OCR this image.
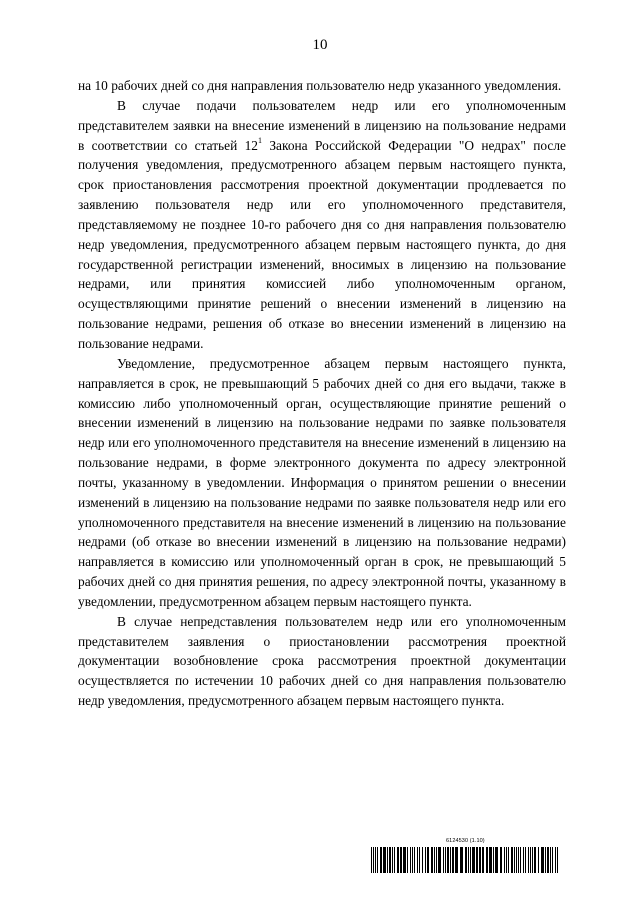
10

на 10 рабочих дней со дня направления пользователю недр указанного уведомления.

В случае подачи пользователем недр или его уполномоченным представителем заявки на внесение изменений в лицензию на пользование недрами в соответствии со статьей $12^1$ Закона Российской Федерации "О недрах" после получения уведомления, предусмотренного абзацем первым настоящего пункта, срок приостановления рассмотрения проектной документации продлевается по заявлению пользователя недр или его уполномоченного представителя, представляемому не позднее 10-го рабочего дня со дня направления пользователю недр уведомления, предусмотренного абзацем первым настоящего пункта, до дня государственной регистрации изменений, вносимых в лицензию на пользование недрами, или принятия комиссией либо уполномоченным органом, осуществляющими принятие решений о внесении изменений в лицензию на пользование недрами, решения об отказе во внесении изменений в лицензию на пользование недрами.

Уведомление, предусмотренное абзацем первым настоящего пункта, направляется в срок, не превышающий 5 рабочих дней со дня его выдачи, также в комиссию либо уполномоченный орган, осуществляющие принятие решений о внесении изменений в лицензию на пользование недрами по заявке пользователя недр или его уполномоченного представителя на внесение изменений в лицензию на пользование недрами, в форме электронного документа по адресу электронной почты, указанному в уведомлении. Информация о принятом решении о внесении изменений в лицензию на пользование недрами по заявке пользователя недр или его уполномоченного представителя на внесение изменений в лицензию на пользование недрами (об отказе во внесении изменений в лицензию на пользование недрами) направляется в комиссию или уполномоченный орган в срок, не превышающий 5 рабочих дней со дня принятия решения, по адресу электронной почты, указанному в уведомлении, предусмотренном абзацем первым настоящего пункта.

В случае непредставления пользователем недр или его уполномоченным представителем заявления о приостановлении рассмотрения проектной документации возобновление срока рассмотрения проектной документации осуществляется по истечении 10 рабочих дней со дня направления пользователю недр уведомления, предусмотренного абзацем первым настоящего пункта.

6124530 (1.10)
